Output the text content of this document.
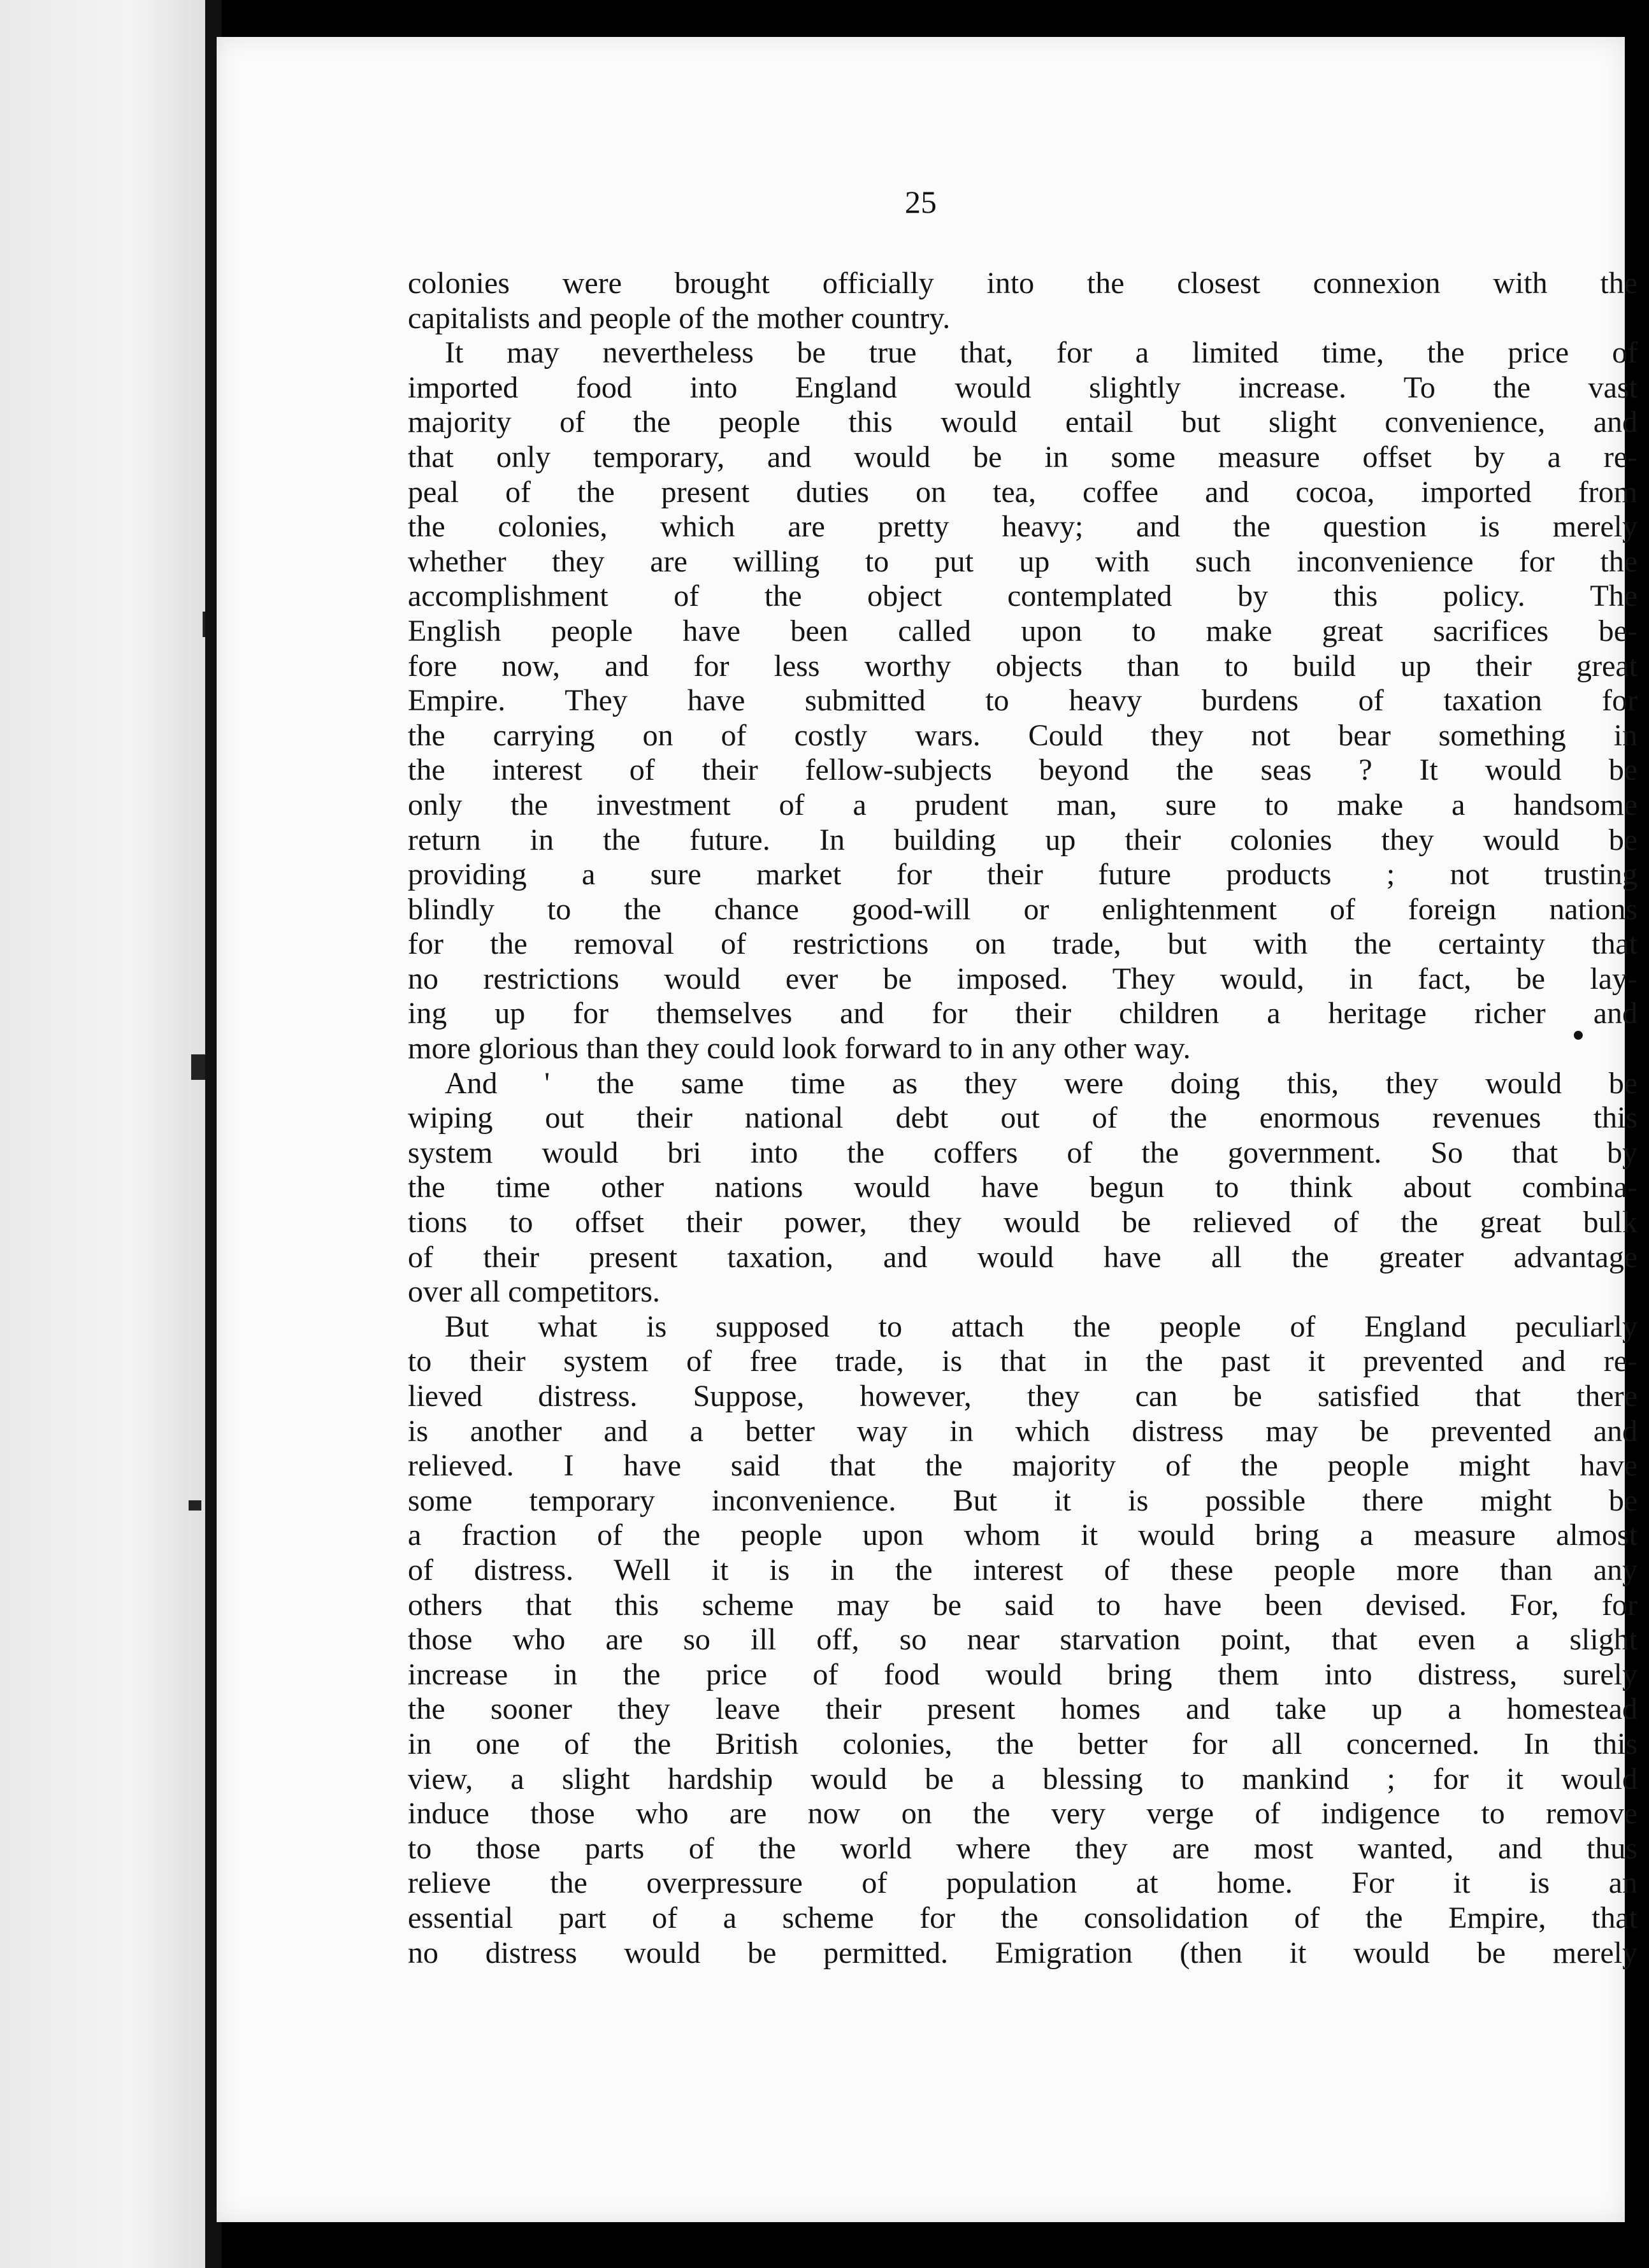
25
colonies were brought officially into the closest connexion with the
capitalists and people of the mother country.
It may nevertheless be true that, for a limited time, the price of
imported food into England would slightly increase. To the vast
majority of the people this would entail but slight convenience, and
that only temporary, and would be in some measure offset by a re-
peal of the present duties on tea, coffee and cocoa, imported from
the colonies, which are pretty heavy; and the question is merely
whether they are willing to put up with such inconvenience for the
accomplishment of the object contemplated by this policy. The
English people have been called upon to make great sacrifices be-
fore now, and for less worthy objects than to build up their great
Empire. They have submitted to heavy burdens of taxation for
the carrying on of costly wars. Could they not bear something in
the interest of their fellow-subjects beyond the seas ? It would be
only the investment of a prudent man, sure to make a handsome
return in the future. In building up their colonies they would be
providing a sure market for their future products ; not trusting
blindly to the chance good-will or enlightenment of foreign nations
for the removal of restrictions on trade, but with the certainty that
no restrictions would ever be imposed. They would, in fact, be lay-
ing up for themselves and for their children a heritage richer and
more glorious than they could look forward to in any other way.
And ' the same time as they were doing this, they would be
wiping out their national debt out of the enormous revenues this
system would bri into the coffers of the government. So that by
the time other nations would have begun to think about combina-
tions to offset their power, they would be relieved of the great bulk
of their present taxation, and would have all the greater advantage
over all competitors.
But what is supposed to attach the people of England peculiarly
to their system of free trade, is that in the past it prevented and re-
lieved distress. Suppose, however, they can be satisfied that there
is another and a better way in which distress may be prevented and
relieved. I have said that the majority of the people might have
some temporary inconvenience. But it is possible there might be
a fraction of the people upon whom it would bring a measure almost
of distress. Well it is in the interest of these people more than any
others that this scheme may be said to have been devised. For, for
those who are so ill off, so near starvation point, that even a slight
increase in the price of food would bring them into distress, surely
the sooner they leave their present homes and take up a homestead
in one of the British colonies, the better for all concerned. In this
view, a slight hardship would be a blessing to mankind ; for it would
induce those who are now on the very verge of indigence to remove
to those parts of the world where they are most wanted, and thus
relieve the overpressure of population at home. For it is an
essential part of a scheme for the consolidation of the Empire, that
no distress would be permitted. Emigration (then it would be merely
